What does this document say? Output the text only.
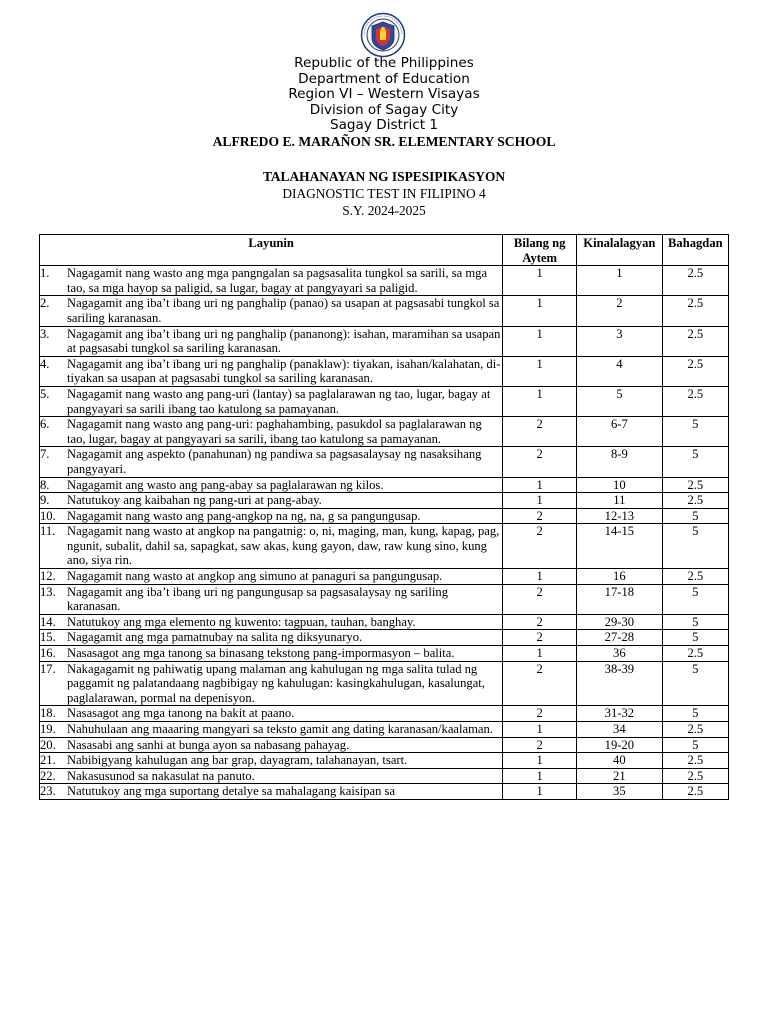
Republic of the Philippines
Department of Education
Region VI – Western Visayas
Division of Sagay City
Sagay District 1
ALFREDO E. MARAÑON SR. ELEMENTARY SCHOOL
TALAHANAYAN NG ISPESIPIKASYON
DIAGNOSTIC TEST IN FILIPINO 4
S.Y. 2024-2025
Layunin	Bilang ng Aytem	Kinalalagyan	Bahagdan

1. Nagagamit nang wasto ang mga pangngalan sa pagsasalita tungkol sa sarili, sa mga tao, sa mga hayop sa paligid, sa lugar, bagay at pangyayari sa paligid.	1	1	2.5

2. Nagagamit ang iba’t ibang uri ng panghalip (panao) sa usapan at pagsasabi tungkol sa sariling karanasan.	1	2	2.5

3. Nagagamit ang iba’t ibang uri ng panghalip (pananong): isahan, maramihan sa usapan at pagsasabi tungkol sa sariling karanasan.	1	3	2.5

4. Nagagamit ang iba’t ibang uri ng panghalip (panaklaw): tiyakan, isahan/kalahatan, di-tiyakan sa usapan at pagsasabi tungkol sa sariling karanasan.	1	4	2.5

5. Nagagamit nang wasto ang pang-uri (lantay) sa paglalarawan ng tao, lugar, bagay at pangyayari sa sarili ibang tao katulong sa pamayanan.	1	5	2.5

6. Nagagamit nang wasto ang pang-uri: paghahambing, pasukdol sa paglalarawan ng tao, lugar, bagay at pangyayari sa sarili, ibang tao katulong sa pamayanan.	2	6-7	5

7. Nagagamit ang aspekto (panahunan) ng pandiwa sa pagsasalaysay ng nasaksihang pangyayari.	2	8-9	5

8. Nagagamit ang wasto ang pang-abay sa paglalarawan ng kilos.	1	10	2.5

9. Natutukoy ang kaibahan ng pang-uri at pang-abay.	1	11	2.5

10. Nagagamit nang wasto ang pang-angkop na ng, na, g sa pangungusap.	2	12-13	5

11. Nagagamit nang wasto at angkop na pangatnig: o, ni, maging, man, kung, kapag, pag, ngunit, subalit, dahil sa, sapagkat, saw akas, kung gayon, daw, raw kung sino, kung ano, siya rin.	2	14-15	5

12. Nagagamit nang wasto at angkop ang simuno at panaguri sa pangungusap.	1	16	2.5

13. Nagagamit ang iba’t ibang uri ng pangungusap sa pagsasalaysay ng sariling karanasan.	2	17-18	5

14. Natutukoy ang mga elemento ng kuwento: tagpuan, tauhan, banghay.	2	29-30	5

15. Nagagamit ang mga pamatnubay na salita ng diksyunaryo.	2	27-28	5

16. Nasasagot ang mga tanong sa binasang tekstong pang-impormasyon – balita.	1	36	2.5

17. Nakagagamit ng pahiwatig upang malaman ang kahulugan ng mga salita tulad ng paggamit ng palatandaang nagbibigay ng kahulugan: kasingkahulugan, kasalungat, paglalarawan, pormal na depenisyon.	2	38-39	5

18. Nasasagot ang mga tanong na bakit at paano.	2	31-32	5

19. Nahuhulaan ang maaaring mangyari sa teksto gamit ang dating karanasan/kaalaman.	1	34	2.5

20. Nasasabi ang sanhi at bunga ayon sa nabasang pahayag.	2	19-20	5

21. Nabibigyang kahulugan ang bar grap, dayagram, talahanayan, tsart.	1	40	2.5

22. Nakasusunod sa nakasulat na panuto.	1	21	2.5

23. Natutukoy ang mga suportang detalye sa mahalagang kaisipan sa	1	35	2.5
